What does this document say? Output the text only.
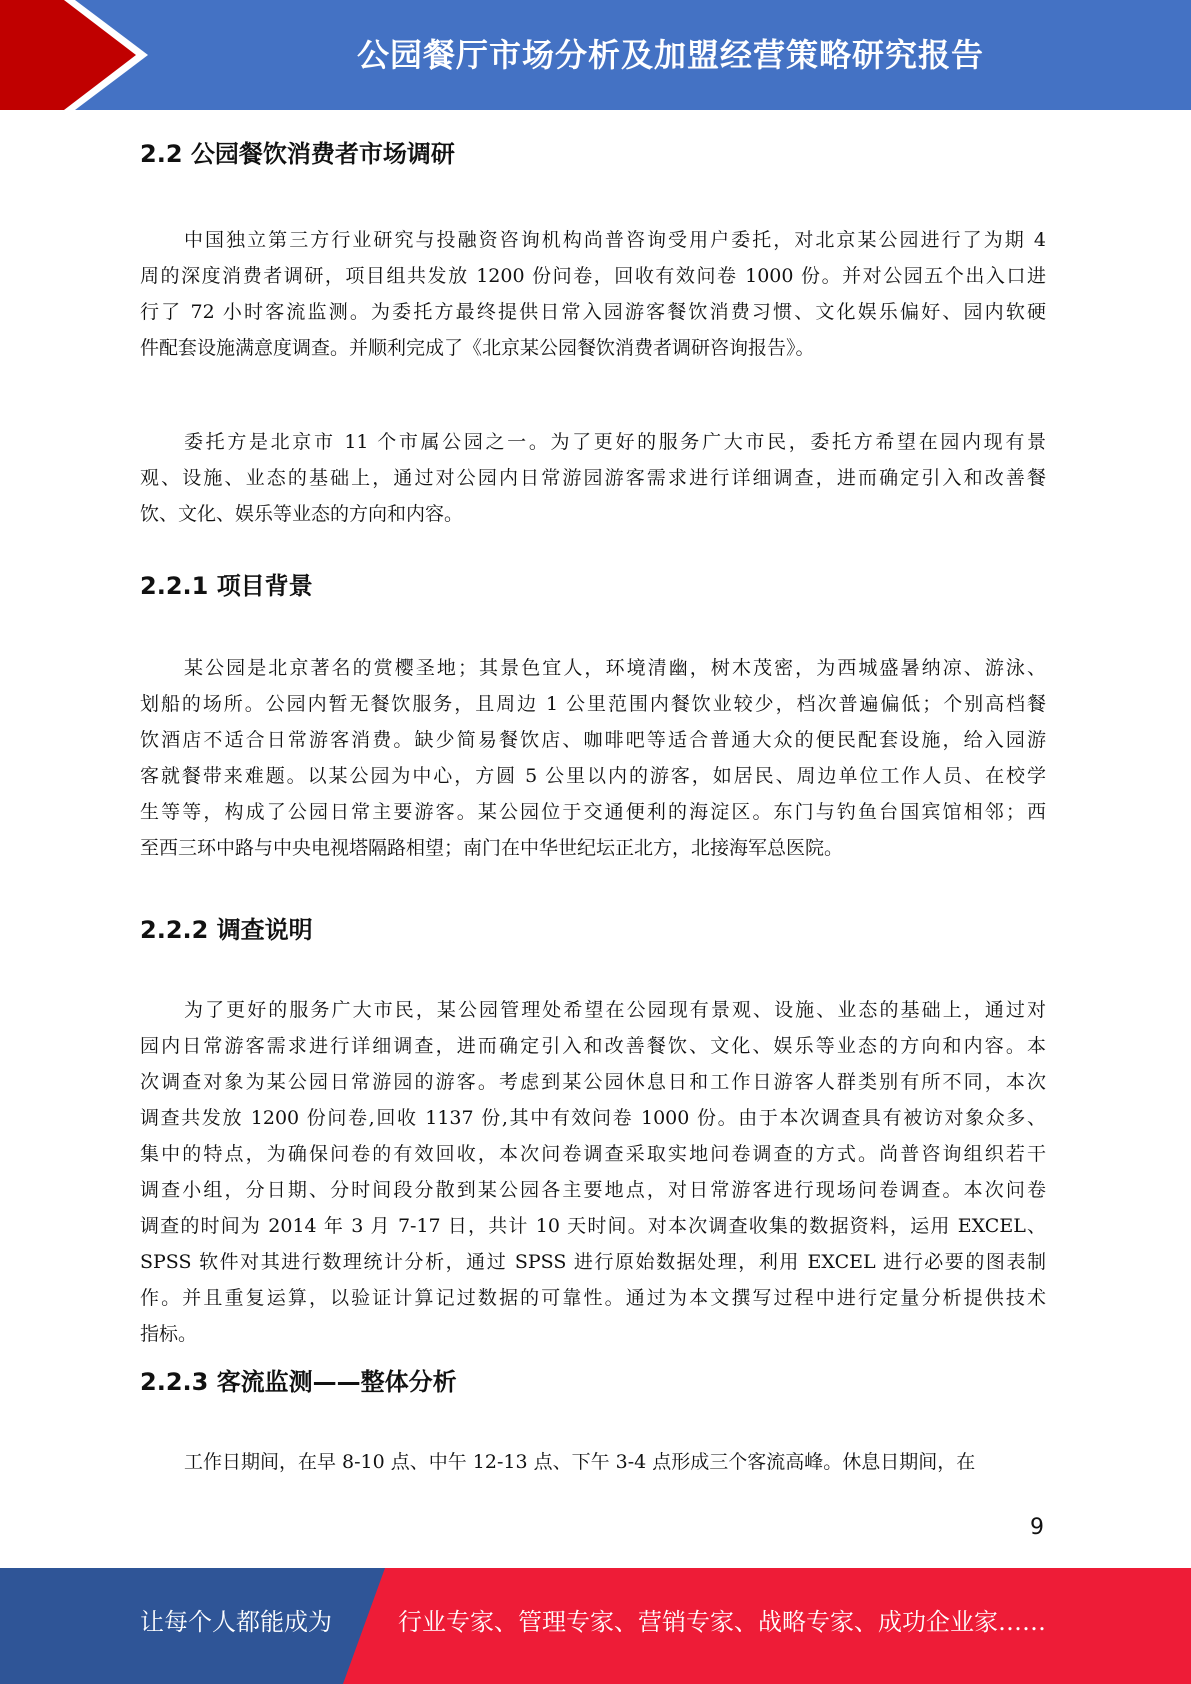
公园餐厅市场分析及加盟经营策略研究报告
2.2 公园餐饮消费者市场调研
中国独立第三方行业研究与投融资咨询机构尚普咨询受用户委托，对北京某公园进行了为期 4
周的深度消费者调研，项目组共发放 1200 份问卷，回收有效问卷 1000 份。并对公园五个出入口进
行了 72 小时客流监测。为委托方最终提供日常入园游客餐饮消费习惯、文化娱乐偏好、园内软硬
件配套设施满意度调查。并顺利完成了《北京某公园餐饮消费者调研咨询报告》。
委托方是北京市 11 个市属公园之一。为了更好的服务广大市民，委托方希望在园内现有景
观、设施、业态的基础上，通过对公园内日常游园游客需求进行详细调查，进而确定引入和改善餐
饮、文化、娱乐等业态的方向和内容。
2.2.1 项目背景
某公园是北京著名的赏樱圣地；其景色宜人，环境清幽，树木茂密，为西城盛暑纳凉、游泳、
划船的场所。公园内暂无餐饮服务，且周边 1 公里范围内餐饮业较少，档次普遍偏低；个别高档餐
饮酒店不适合日常游客消费。缺少简易餐饮店、咖啡吧等适合普通大众的便民配套设施，给入园游
客就餐带来难题。以某公园为中心，方圆 5 公里以内的游客，如居民、周边单位工作人员、在校学
生等等，构成了公园日常主要游客。某公园位于交通便利的海淀区。东门与钓鱼台国宾馆相邻；西
至西三环中路与中央电视塔隔路相望；南门在中华世纪坛正北方，北接海军总医院。
2.2.2 调查说明
为了更好的服务广大市民，某公园管理处希望在公园现有景观、设施、业态的基础上，通过对
园内日常游客需求进行详细调查，进而确定引入和改善餐饮、文化、娱乐等业态的方向和内容。本
次调查对象为某公园日常游园的游客。考虑到某公园休息日和工作日游客人群类别有所不同，本次
调查共发放 1200 份问卷,回收 1137 份,其中有效问卷 1000 份。由于本次调查具有被访对象众多、
集中的特点，为确保问卷的有效回收，本次问卷调查采取实地问卷调查的方式。尚普咨询组织若干
调查小组，分日期、分时间段分散到某公园各主要地点，对日常游客进行现场问卷调查。本次问卷
调查的时间为 2014 年 3 月 7-17 日，共计 10 天时间。对本次调查收集的数据资料，运用 EXCEL、
SPSS 软件对其进行数理统计分析，通过 SPSS 进行原始数据处理，利用 EXCEL 进行必要的图表制
作。并且重复运算，以验证计算记过数据的可靠性。通过为本文撰写过程中进行定量分析提供技术
指标。
2.2.3 客流监测——整体分析
工作日期间，在早 8-10 点、中午 12-13 点、下午 3-4 点形成三个客流高峰。休息日期间，在
9
让每个人都能成为	行业专家、管理专家、营销专家、战略专家、成功企业家……
